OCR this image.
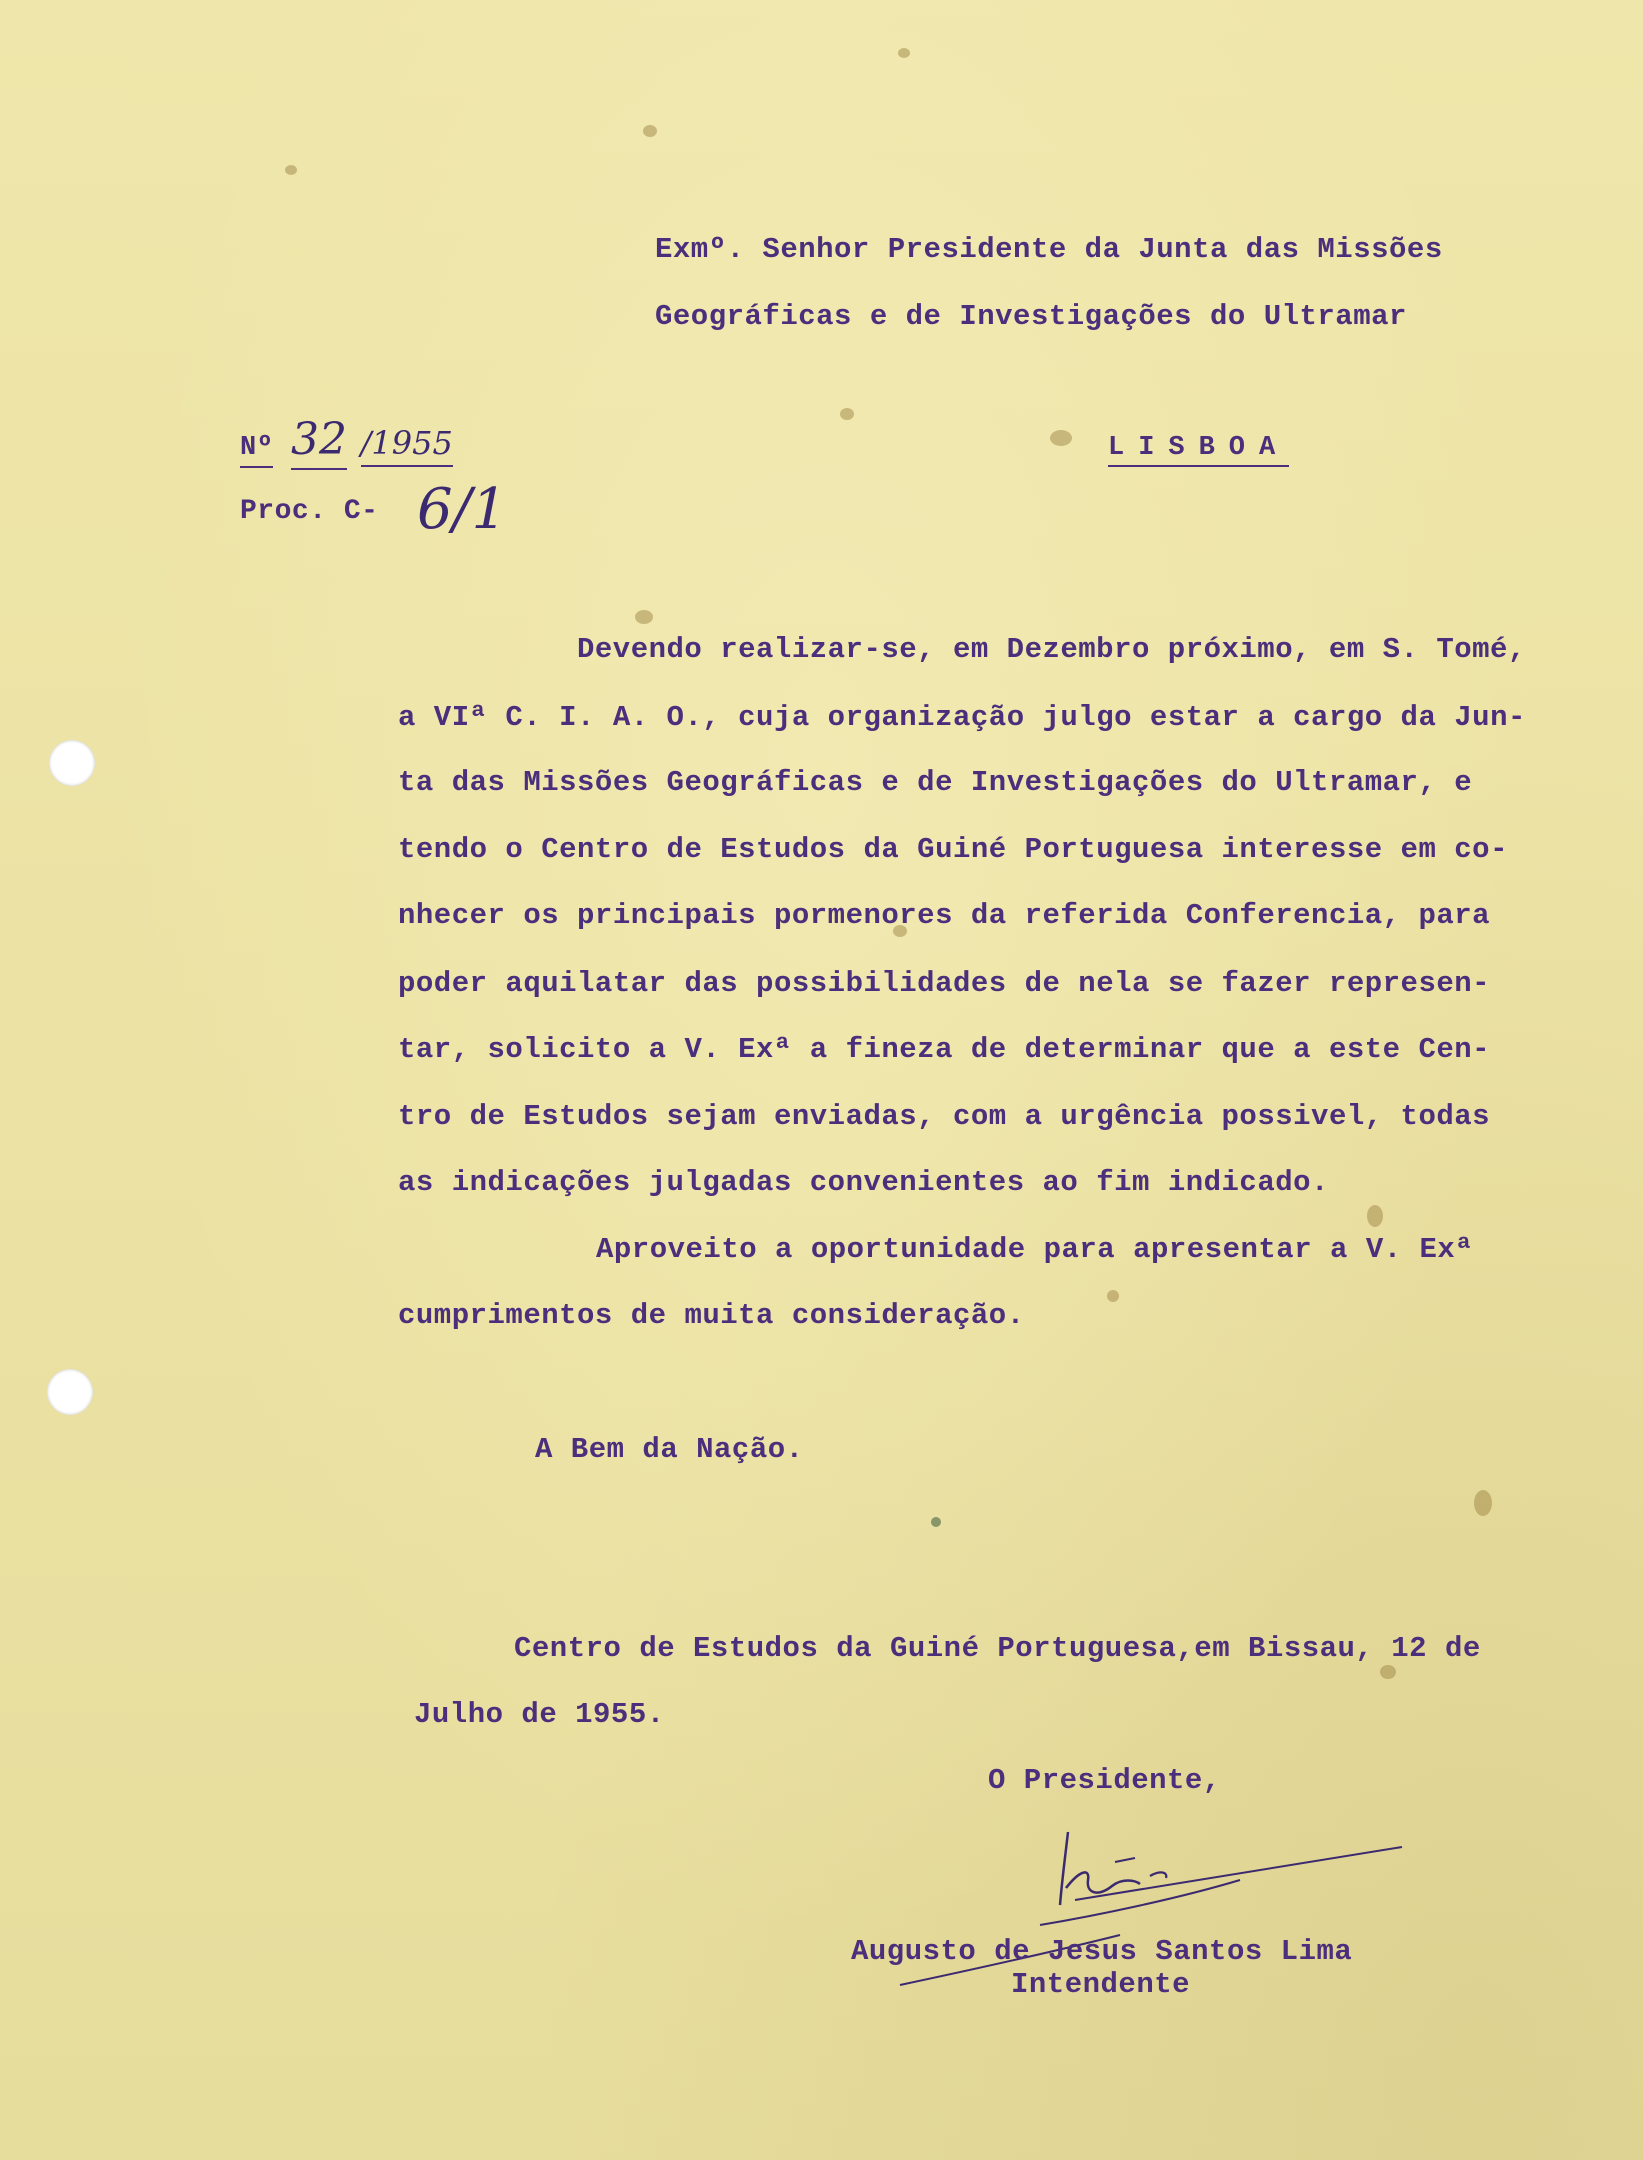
Exmº. Senhor Presidente da Junta das Missões
Geográficas e de Investigações do Ultramar
Nº 32 /1955	LISBOA
Proc. C- 6/1
Devendo realizar-se, em Dezembro próximo, em S. Tomé,
a VIª C. I. A. O., cuja organização julgo estar a cargo da Jun-
ta das Missões Geográficas e de Investigações do Ultramar, e
tendo o Centro de Estudos da Guiné Portuguesa interesse em co-
nhecer os principais pormenores da referida Conferencia, para
poder aquilatar das possibilidades de nela se fazer represen-
tar, solicito a V. Exª a fineza de determinar que a este Cen-
tro de Estudos sejam enviadas, com a urgência possivel, todas
as indicações julgadas convenientes ao fim indicado.
Aproveito a oportunidade para apresentar a V. Exª
cumprimentos de muita consideração.
A Bem da Nação.
Centro de Estudos da Guiné Portuguesa,em Bissau, 12 de
Julho de 1955.
O Presidente,
Augusto de Jesus Santos Lima
Intendente
